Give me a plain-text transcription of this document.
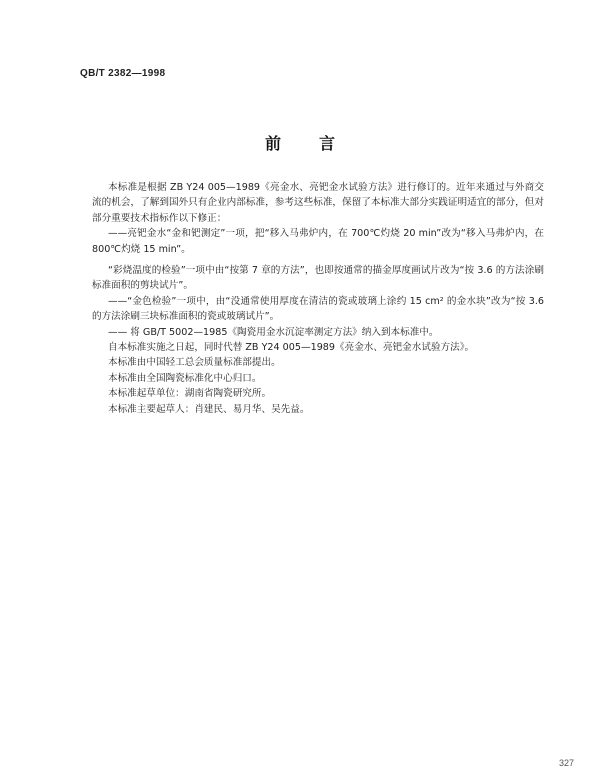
QB/T 2382—1998
前言

本标准是根据 ZB Y24 005—1989《亮金水、亮钯金水试验方法》进行修订的。近年来通过与外商交流的机会，了解到国外只有企业内部标准，参考这些标准，保留了本标准大部分实践证明适宜的部分，但对部分重要技术指标作以下修正：

——亮钯金水“金和钯测定”一项，把“移入马弗炉内，在 700℃灼烧 20 min”改为“移入马弗炉内，在 800℃灼烧 15 min”。

“彩烧温度的检验”一项中由“按第 7 章的方法”，也即按通常的描金厚度画试片改为“按 3.6 的方法涂刷标准面积的剪块试片”。

——“金色检验”一项中，由“没通常使用厚度在清洁的瓷或玻璃上涂约 15 cm² 的金水块”改为“按 3.6 的方法涂刷三块标准面积的瓷或玻璃试片”。

—— 将 GB/T 5002—1985《陶瓷用金水沉淀率测定方法》纳入到本标准中。

自本标准实施之日起，同时代替 ZB Y24 005—1989《亮金水、亮钯金水试验方法》。

本标准由中国轻工总会质量标准部提出。

本标准由全国陶瓷标准化中心归口。

本标准起草单位：湖南省陶瓷研究所。

本标准主要起草人：肖建民、易月华、吴先益。

327
